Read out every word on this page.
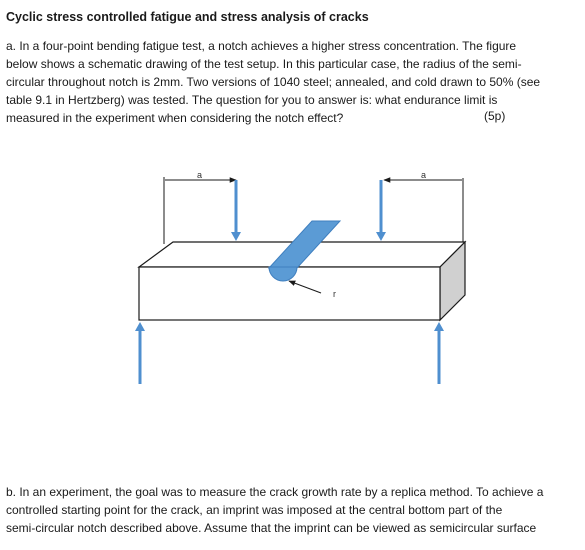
Cyclic stress controlled fatigue and stress analysis of cracks
a. In a four-point bending fatigue test, a notch achieves a higher stress concentration. The figure
below shows a schematic drawing of the test setup. In this particular case, the radius of the semi-
circular throughout notch is 2mm. Two versions of 1040 steel; annealed, and cold drawn to 50% (see
table 9.1 in Hertzberg) was tested. The question for you to answer is: what endurance limit is
measured in the experiment when considering the notch effect?	(5p)
r
a	a
b. In an experiment, the goal was to measure the crack growth rate by a replica method. To achieve a
controlled starting point for the crack, an imprint was imposed at the central bottom part of the
semi-circular notch described above. Assume that the imprint can be viewed as semicircular surface
